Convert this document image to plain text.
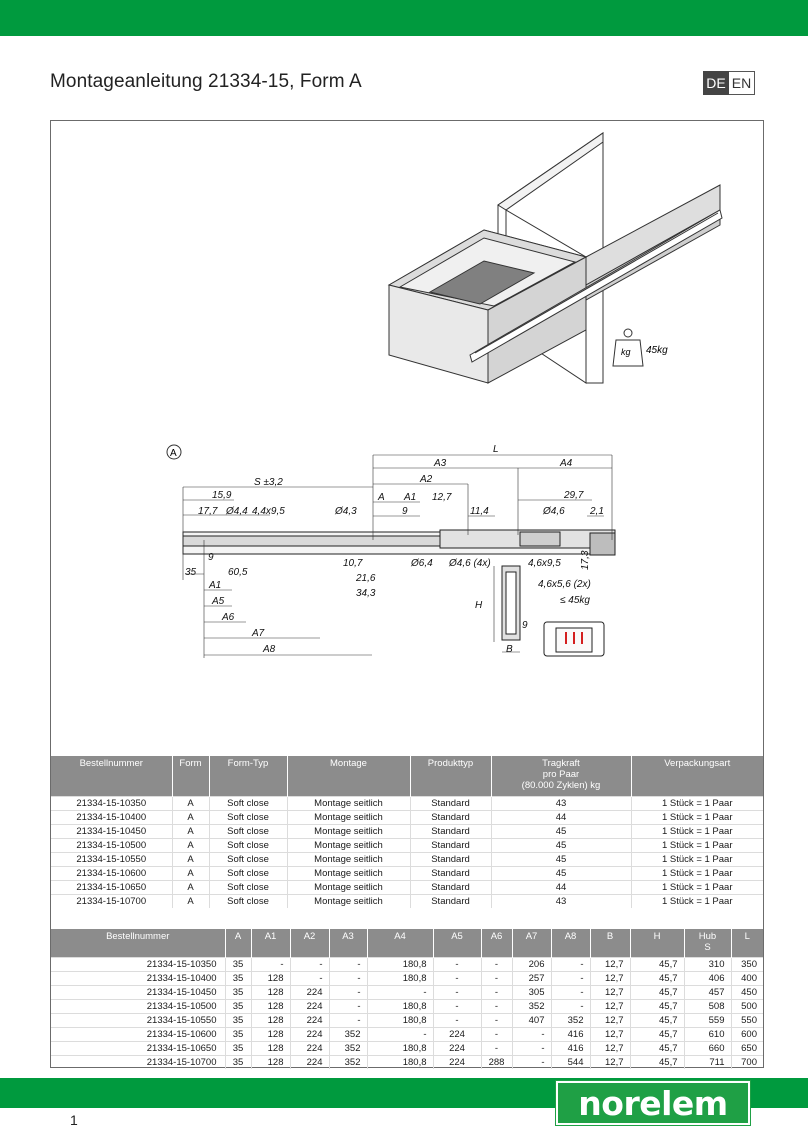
Montageanleitung 21334-15, Form A	DE EN
kg 45kg
A	L
A3	A4
S ±3,2	A2
15,9	A A1 12,7	29,7
17,7 Ø4,4 4,4x9,5	Ø4,3	9	11,4	Ø4,6	2,1
9
35	60,5
A1
A5
A6
A7
A8
10,7
21,6
34,3
Ø6,4 Ø4,6 (4x)	4,6x9,5
4,6x5,6 (2x)
≤ 45kg
H
B
9
17,3
Bestellnummer	Form	Form-Typ	Montage	Produkttyp	Tragkraft
pro Paar
(80.000 Zyklen) kg	Verpackungsart
21334-15-10350	A	Soft close	Montage seitlich	Standard	43	1 Stück = 1 Paar
21334-15-10400	A	Soft close	Montage seitlich	Standard	44	1 Stück = 1 Paar
21334-15-10450	A	Soft close	Montage seitlich	Standard	45	1 Stück = 1 Paar
21334-15-10500	A	Soft close	Montage seitlich	Standard	45	1 Stück = 1 Paar
21334-15-10550	A	Soft close	Montage seitlich	Standard	45	1 Stück = 1 Paar
21334-15-10600	A	Soft close	Montage seitlich	Standard	45	1 Stück = 1 Paar
21334-15-10650	A	Soft close	Montage seitlich	Standard	44	1 Stück = 1 Paar
21334-15-10700	A	Soft close	Montage seitlich	Standard	43	1 Stück = 1 Paar
Bestellnummer	A	A1	A2	A3	A4	A5	A6	A7	A8	B	H	Hub
S	L
21334-15-10350	35	-	-	-	180,8	-	-	206	-	12,7	45,7	310	350
21334-15-10400	35	128	-	-	180,8	-	-	257	-	12,7	45,7	406	400
21334-15-10450	35	128	224	-	-	-	-	305	-	12,7	45,7	457	450
21334-15-10500	35	128	224	-	180,8	-	-	352	-	12,7	45,7	508	500
21334-15-10550	35	128	224	-	180,8	-	-	407	352	12,7	45,7	559	550
21334-15-10600	35	128	224	352	-	224	-	-	416	12,7	45,7	610	600
21334-15-10650	35	128	224	352	180,8	224	-	-	416	12,7	45,7	660	650
21334-15-10700	35	128	224	352	180,8	224	288	-	544	12,7	45,7	711	700
norelem
1
